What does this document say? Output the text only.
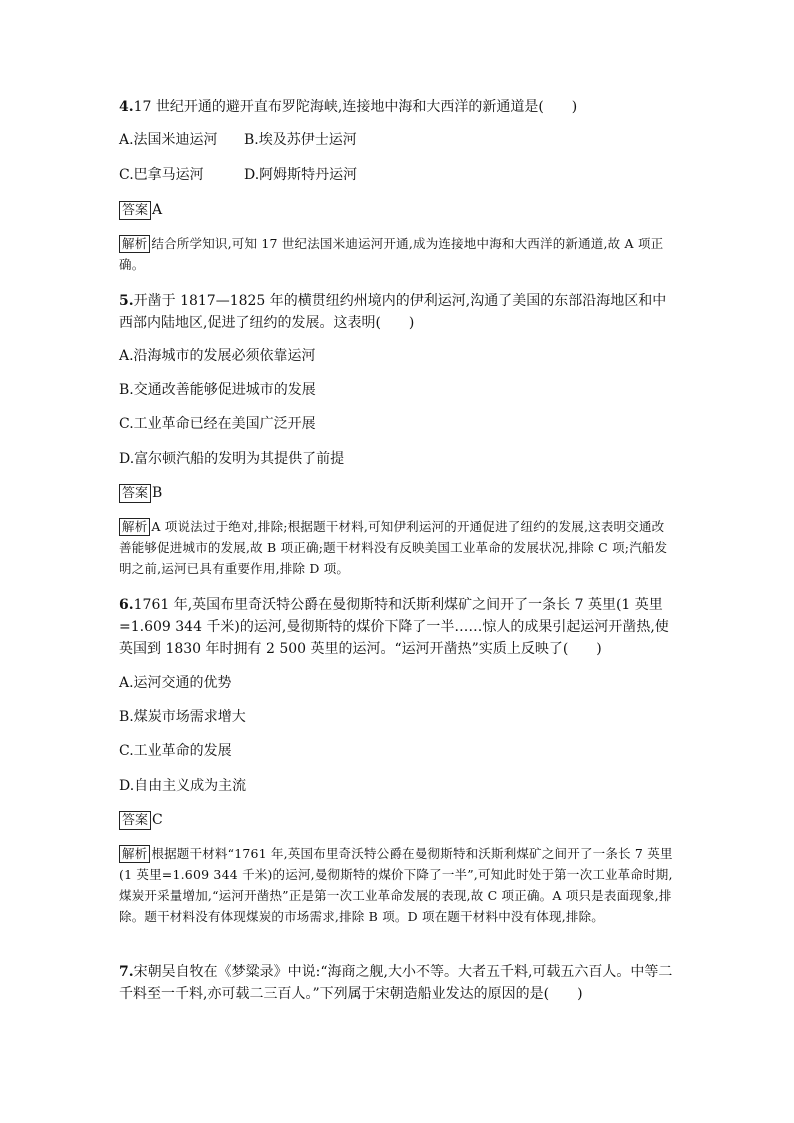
4.17 世纪开通的避开直布罗陀海峡,连接地中海和大西洋的新通道是(　　)
A.法国米迪运河 B.埃及苏伊士运河
C.巴拿马运河	D.阿姆斯特丹运河
答案 A
解析 结合所学知识,可知 17 世纪法国米迪运河开通,成为连接地中海和大西洋的新通道,故 A 项正确。
5.开凿于 1817—1825 年的横贯纽约州境内的伊利运河,沟通了美国的东部沿海地区和中西部内陆地区,促进了纽约的发展。这表明(　　)
A.沿海城市的发展必须依靠运河
B.交通改善能够促进城市的发展
C.工业革命已经在美国广泛开展
D.富尔顿汽船的发明为其提供了前提
答案 B
解析 A 项说法过于绝对,排除;根据题干材料,可知伊利运河的开通促进了纽约的发展,这表明交通改善能够促进城市的发展,故 B 项正确;题干材料没有反映美国工业革命的发展状况,排除 C 项;汽船发明之前,运河已具有重要作用,排除 D 项。
6.1761 年,英国布里奇沃特公爵在曼彻斯特和沃斯利煤矿之间开了一条长 7 英里(1 英里=1.609 344 千米)的运河,曼彻斯特的煤价下降了一半……惊人的成果引起运河开凿热,使英国到 1830 年时拥有 2 500 英里的运河。“运河开凿热”实质上反映了(　　)
A.运河交通的优势
B.煤炭市场需求增大
C.工业革命的发展
D.自由主义成为主流
答案 C
解析 根据题干材料“1761 年,英国布里奇沃特公爵在曼彻斯特和沃斯利煤矿之间开了一条长 7 英里(1 英里=1.609 344 千米)的运河,曼彻斯特的煤价下降了一半”,可知此时处于第一次工业革命时期,煤炭开采量增加,“运河开凿热”正是第一次工业革命发展的表现,故 C 项正确。A 项只是表面现象,排除。题干材料没有体现煤炭的市场需求,排除 B 项。D 项在题干材料中没有体现,排除。
7.宋朝吴自牧在《梦粱录》中说:“海商之舰,大小不等。大者五千料,可载五六百人。中等二千料至一千料,亦可载二三百人。”下列属于宋朝造船业发达的原因的是(　　)
